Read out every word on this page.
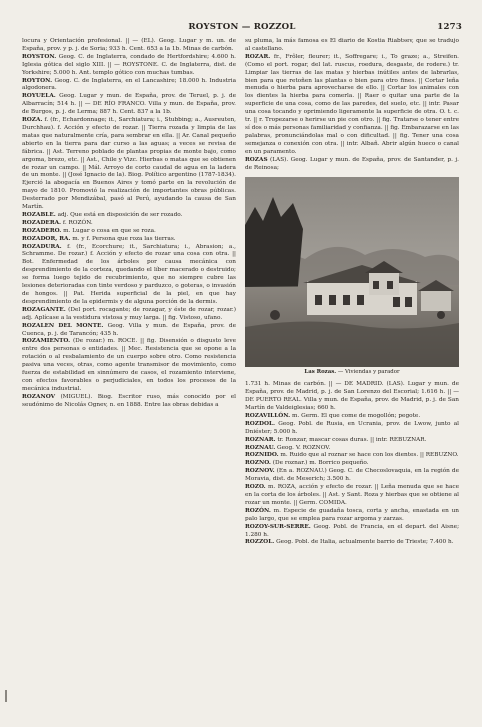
ROYSTON — ROZZOL	1273

locura y Orientación profesional. || — (EL). Geog. Lugar y m. un. de España, prov. y p. j. de Soria; 933 h. Cent. 653 a la 1b. Minas de carbón.

ROYSTON. Geog. C. de Inglaterra, condado de Hertfordshire; 4.600 h. Iglesia gótica del siglo XIII. || — ROYSTONE. C. de Inglaterra, dist. de Yorkshire; 5.000 h. Ant. templo gótico con muchas tumbas.

ROYTON. Geog. C. de Inglaterra, en el Lancashire; 18.000 h. Industria algodonera.

ROYUELA. Geog. Lugar y mun. de España, prov. de Teruel, p. j. de Albarracín; 514 h. || — DE RÍO FRANCO. Villa y mun. de España, prov. de Burgos, p. j. de Lerma; 887 h. Cent. 837 a la 1b.

ROZA. f. (fr., Echardonnage; it., Sarchiatura; i., Stubbing; a., Ausreuten, Durchhau). f. Acción y efecto de rozar. || Tierra rozada y limpia de las matas que naturalmente cría, para sembrar en ella. || Ar. Canal pequeño abierto en la tierra para dar curso a las aguas; a veces se revisa de fábrica. || Ast. Terreno poblado de plantas propias de monte bajo, como argoma, brezo, etc. || Ast., Chile y Vizc. Hierbas o matas que se obtienen de rozar un campo. || Mál. Arroyo de corto caudal de agua en la ladera de un monte. || (José Ignacio de la). Biog. Político argentino (1787-1834). Ejerció la abogacía en Buenos Aires y tomó parte en la revolución de mayo de 1810. Promovió la realización de importantes obras públicas. Desterrado por Mendizábal, pasó al Perú, ayudando la causa de San Martín.

ROZABLE. adj. Que está en disposición de ser rozado.

ROZADERA. f. ROZÓN.

ROZADERO. m. Lugar o cosa en que se roza.

ROZADOR, RA. m. y f. Persona que roza las tierras.

ROZADURA. f. (fr., Ecorchure; it., Sarchiatura; i., Abrasion; a., Schramme. De rozar.) f. Acción y efecto de rozar una cosa con otra. || Bot. Enfermedad de los árboles por causa mecánica con desprendimiento de la corteza, quedando el líber macerado o destruido; se forma luego tejido de recubrimiento, que no siempre cubre las lesiones deterioradas con tinte verdoso y parduzco, o goteras, o invasión de hongos. || Pat. Herida superficial de la piel, en que hay desprendimiento de la epidermis y de alguna porción de la dermis.

ROZAGANTE. (Del port. rocagante; de rozagar, y éste de rozar, rozar.) adj. Aplícase a la vestidura vistosa y muy larga. || fig. Vistoso, ufano.

ROZALEN DEL MONTE. Geog. Villa y mun. de España, prov. de Cuenca, p. j. de Tarancón; 435 h.

ROZAMIENTO. (De rozar.) m. ROCE. || fig. Disensión o disgusto leve entre dos personas o entidades. || Mec. Resistencia que se opone a la rotación o al resbalamiento de un cuerpo sobre otro. Como resistencia pasiva una veces, otras, como agente transmisor de movimiento, como fuerza de estabilidad en sinnúmero de casos, el rozamiento interviene, con efectos favorables o perjudiciales, en todos los procesos de la mecánica industrial.

ROZANOV (MIGUEL). Biog. Escritor ruso, más conocido por el seudónimo de Nicolás Ognev, n. en 1888. Entre las obras debidas a

su pluma, la más famosa es El diario de Kostia Riabtsev, que se tradujo al castellano.

ROZAR. fr., Frôler, fleurer; it., Soffregare; i., To graze; a., Streifen. (Como el port. rogar, del lat. ruscus, roedura, desgaste, de rodere.) tr. Limpiar las tierras de las matas y hierbas inútiles antes de labrarlas, bien para que retoñen las plantas o bien para otro fines. || Cortar leña menuda o hierba para aprovecharse de ello. || Cortar los animales con los dientes la hierba para comerla. || Raer o quitar una parte de la superficie de una cosa, como de las paredes, del suelo, etc. || intr. Pasar una cosa tocando y oprimiendo ligeramente la superficie de otra. O. t. c. tr. || r. Tropezarse o herirse un pie con otro. || fig. Tratarse o tener entre sí dos o más personas familiaridad y confianza. || fig. Embarazarse en las palabras, pronunciándolas mal o con dificultad. || fig. Tener una cosa semejanza o conexión con otra. || intr. Albañ. Abrir algún hueco o canal en un paramento.

ROZAS (LAS). Geog. Lugar y mun. de España, prov. de Santander, p. j. de Reinosa;

Las Rozas. — Viviendas y parador

1.731 h. Minas de carbón. || — DE MADRID. (LAS). Lugar y mun. de España, prov. de Madrid, p. j. de San Lorenzo del Escorial; 1.616 h. || — DE PUERTO REAL. Villa y mun. de España, prov. de Madrid, p. j. de San Martín de Valdeiglesias; 660 h.

ROZAVILLÓN. m. Germ. El que come de mogollón; pegote.

ROZDOL. Geog. Pobl. de Rusia, en Ucrania, prov. de Lwow, junto al Dniéster; 5.000 h.

ROZNAR. tr. Ronzar, mascar cosas duras. || intr. REBUZNAR.

ROZNAU. Geog. V. ROZNOV.

ROZNIDO. m. Ruido que al roznar se hace con los dientes. || REBUZNO.

ROZNO. (De roznar.) m. Borrico pequeño.

ROZNOV. (En a. ROZNAU.) Geog. C. de Checoslovaquia, en la región de Moravia, dist. de Meserich; 3.500 h.

ROZO. m. ROZA, acción y efecto de rozar. || Leña menuda que se hace en la corta de los árboles. || Ast. y Sant. Roza y hierbas que se obtiene al rozar un monte. || Germ. COMIDA.

ROZÓN. m. Especie de guadaña tosca, corta y ancha, enastada en un palo largo, que se emplea para rozar argoma y zarzas.

ROZOY-SUR-SERRE. Geog. Pobl. de Francia, en el depart. del Aisne; 1.280 h.

ROZZOL. Geog. Pobl. de Italia, actualmente barrio de Trieste; 7.400 h.
